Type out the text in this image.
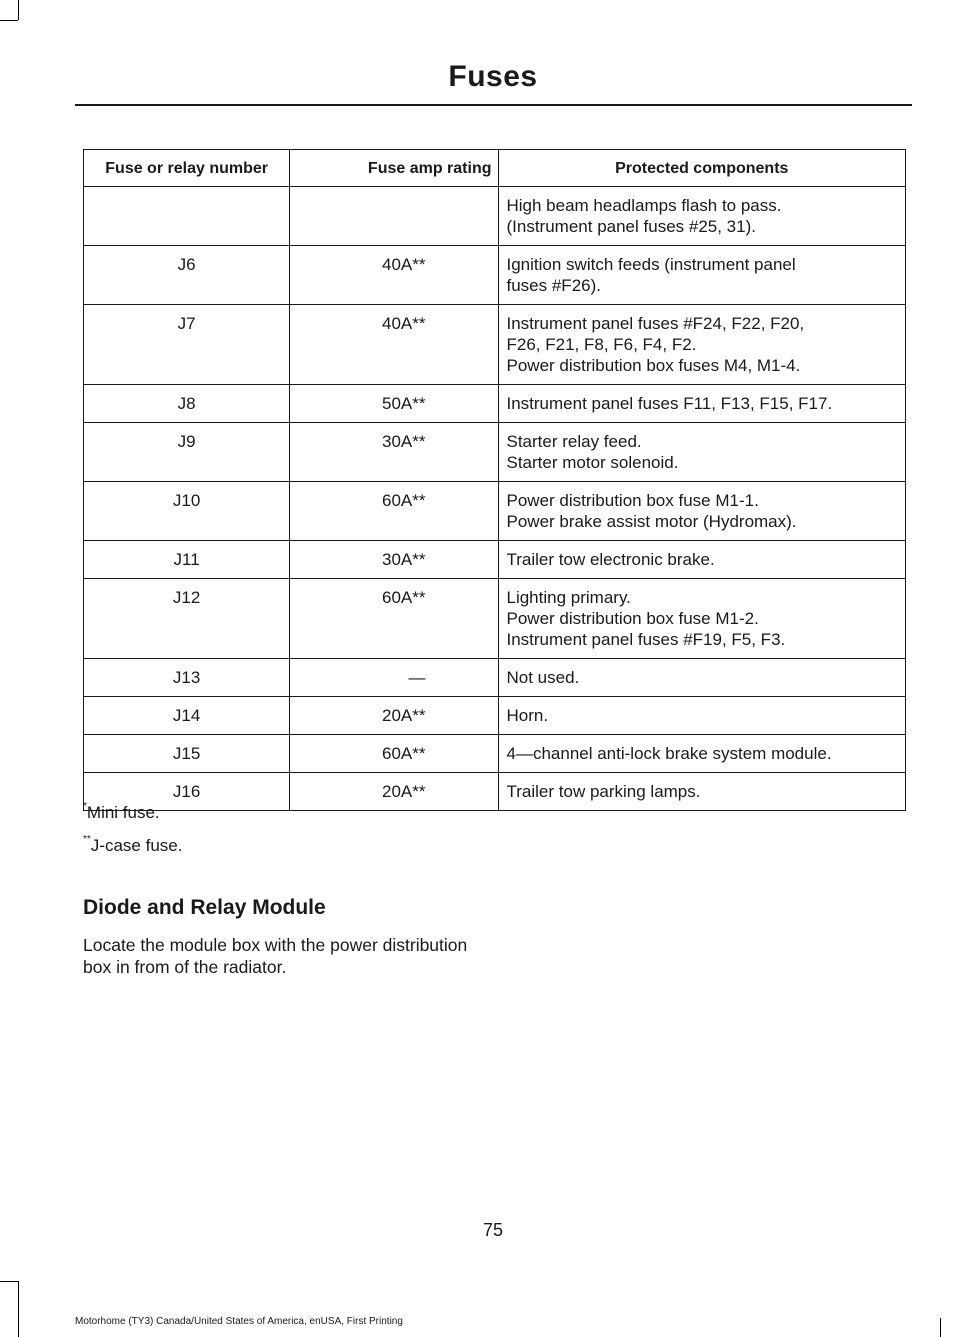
Fuses
Fuse or relay number	Fuse amp rating	Protected components

		High beam headlamps flash to pass.
(Instrument panel fuses #25, 31).

J6	40A**	Ignition switch feeds (instrument panel
fuses #F26).

J7	40A**	Instrument panel fuses #F24, F22, F20,
F26, F21, F8, F6, F4, F2.
Power distribution box fuses M4, M1-4.

J8	50A**	Instrument panel fuses F11, F13, F15, F17.

J9	30A**	Starter relay feed.
Starter motor solenoid.

J10	60A**	Power distribution box fuse M1-1.
Power brake assist motor (Hydromax).

J11	30A**	Trailer tow electronic brake.

J12	60A**	Lighting primary.
Power distribution box fuse M1-2.
Instrument panel fuses #F19, F5, F3.

J13	—	Not used.

J14	20A**	Horn.

J15	60A**	4—channel anti-lock brake system module.

J16	20A**	Trailer tow parking lamps.
*Mini fuse.
**J-case fuse.
Diode and Relay Module
Locate the module box with the power distribution box in from of the radiator.
75
Motorhome (TY3) Canada/United States of America, enUSA, First Printing
